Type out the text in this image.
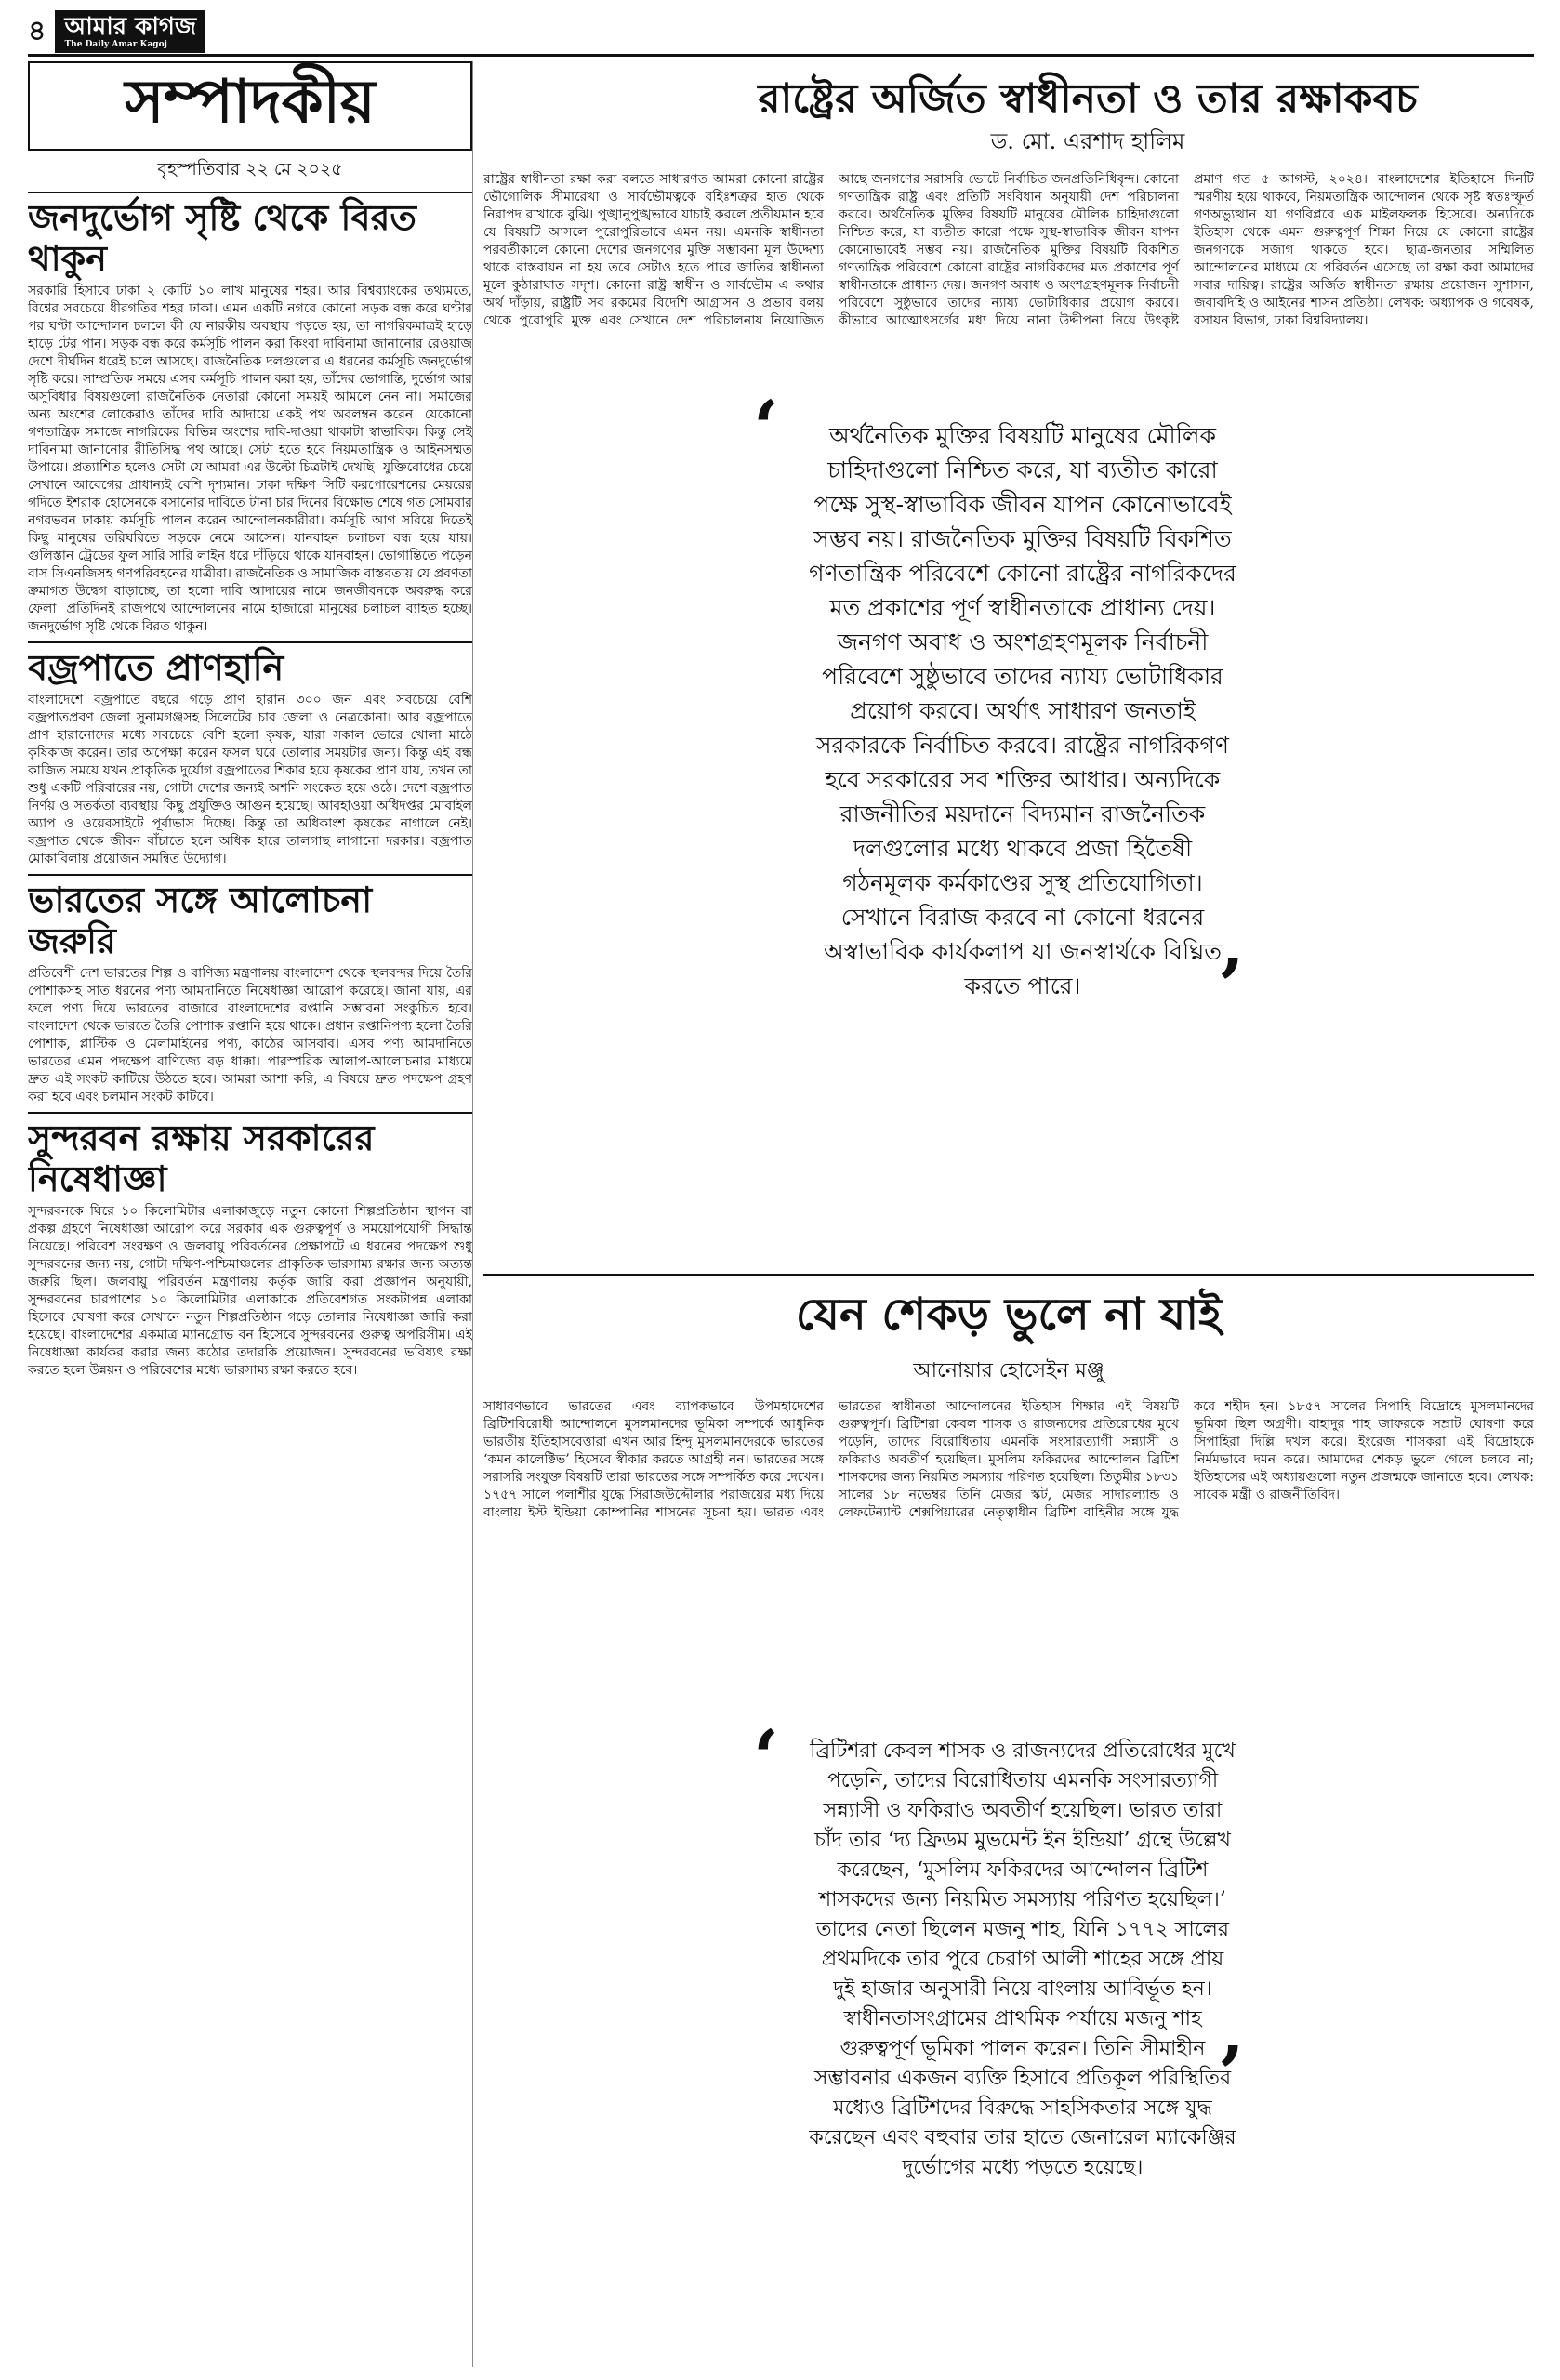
৪ আমার কাগজ
The Daily Amar Kagoj
সম্পাদকীয়
বৃহস্পতিবার ২২ মে ২০২৫
জনদুর্ভোগ সৃষ্টি থেকে বিরত থাকুন

সরকারি হিসাবে ঢাকা ২ কোটি ১০ লাখ মানুষের শহর। আর বিশ্বব্যাংকের তথ্যমতে, বিশ্বের সবচেয়ে ধীরগতির শহর ঢাকা। এমন একটি নগরে কোনো সড়ক বন্ধ করে ঘণ্টার পর ঘণ্টা আন্দোলন চললে কী যে নারকীয় অবস্থায় পড়তে হয়, তা নাগরিকমাত্রই হাড়ে হাড়ে টের পান। সড়ক বন্ধ করে কর্মসূচি পালন করা কিংবা দাবিনামা জানানোর রেওয়াজ দেশে দীর্ঘদিন ধরেই চলে আসছে। রাজনৈতিক দলগুলোর এ ধরনের কর্মসূচি জনদুর্ভোগ সৃষ্টি করে। সাম্প্রতিক সময়ে এসব কর্মসূচি পালন করা হয়, তাঁদের ভোগান্তি, দুর্ভোগ আর অসুবিধার বিষয়গুলো রাজনৈতিক নেতারা কোনো সময়ই আমলে নেন না। সমাজের অন্য অংশের লোকেরাও তাঁদের দাবি আদায়ে একই পথ অবলম্বন করেন। যেকোনো গণতান্ত্রিক সমাজে নাগরিকের বিভিন্ন অংশের দাবি-দাওয়া থাকাটা স্বাভাবিক। কিন্তু সেই দাবিনামা জানানোর রীতিসিদ্ধ পথ আছে। সেটা হতে হবে নিয়মতান্ত্রিক ও আইনসম্মত উপায়ে। প্রত্যাশিত হলেও সেটা যে আমরা এর উল্টো চিত্রটাই দেখছি। যুক্তিবোধের চেয়ে সেখানে আবেগের প্রাধান্যই বেশি দৃশ্যমান। ঢাকা দক্ষিণ সিটি করপোরেশনের মেয়রের গদিতে ইশরাক হোসেনকে বসানোর দাবিতে টানা চার দিনের বিক্ষোভ শেষে গত সোমবার নগরভবন ঢাকায় কর্মসূচি পালন করেন আন্দোলনকারীরা। কর্মসূচি আগ সরিয়ে দিতেই কিছু মানুষের তরিঘরিতে সড়কে নেমে আসেন। যানবাহন চলাচল বন্ধ হয়ে যায়। গুলিস্তান ট্রেডের ফুল সারি সারি লাইন ধরে দাঁড়িয়ে থাকে যানবাহন। ভোগান্তিতে পড়েন বাস সিএনজিসহ গণপরিবহনের যাত্রীরা। রাজনৈতিক ও সামাজিক বাস্তবতায় যে প্রবণতা ক্রমাগত উদ্বেগ বাড়াচ্ছে, তা হলো দাবি আদায়ের নামে জনজীবনকে অবরুদ্ধ করে ফেলা। প্রতিদিনই রাজপথে আন্দোলনের নামে হাজারো মানুষের চলাচল ব্যাহত হচ্ছে। জনদুর্ভোগ সৃষ্টি থেকে বিরত থাকুন।

বজ্রপাতে প্রাণহানি

বাংলাদেশে বজ্রপাতে বছরে গড়ে প্রাণ হারান ৩০০ জন এবং সবচেয়ে বেশি বজ্রপাতপ্রবণ জেলা সুনামগঞ্জসহ সিলেটের চার জেলা ও নেত্রকোনা। আর বজ্রপাতে প্রাণ হারানোদের মধ্যে সবচেয়ে বেশি হলো কৃষক, যারা সকাল ভোরে খোলা মাঠে কৃষিকাজ করেন। তার অপেক্ষা করেন ফসল ঘরে তোলার সময়টার জন্য। কিন্তু এই বন্ধ কাজিত সময়ে যখন প্রাকৃতিক দুর্যোগ বজ্রপাতের শিকার হয়ে কৃষকের প্রাণ যায়, তখন তা শুধু একটি পরিবারের নয়, গোটা দেশের জন্যই অশনি সংকেত হয়ে ওঠে। দেশে বজ্রপাত নির্ণয় ও সতর্কতা ব্যবস্থায় কিছু প্রযুক্তিও আগুন হয়েছে। আবহাওয়া অধিদপ্তর মোবাইল অ্যাপ ও ওয়েবসাইটে পূর্বাভাস দিচ্ছে। কিন্তু তা অধিকাংশ কৃষকের নাগালে নেই। বজ্রপাত থেকে জীবন বাঁচাতে হলে অধিক হারে তালগাছ লাগানো দরকার। বজ্রপাত মোকাবিলায় প্রয়োজন সমন্বিত উদ্যোগ।

ভারতের সঙ্গে আলোচনা জরুরি

প্রতিবেশী দেশ ভারতের শিল্প ও বাণিজ্য মন্ত্রণালয় বাংলাদেশ থেকে স্থলবন্দর দিয়ে তৈরি পোশাকসহ সাত ধরনের পণ্য আমদানিতে নিষেধাজ্ঞা আরোপ করেছে। জানা যায়, এর ফলে পণ্য দিয়ে ভারতের বাজারে বাংলাদেশের রপ্তানি সম্ভাবনা সংকুচিত হবে। বাংলাদেশ থেকে ভারতে তৈরি পোশাক রপ্তানি হয়ে থাকে। প্রধান রপ্তানিপণ্য হলো তৈরি পোশাক, প্লাস্টিক ও মেলামাইনের পণ্য, কাঠের আসবাব। এসব পণ্য আমদানিতে ভারতের এমন পদক্ষেপ বাণিজ্যে বড় ধাক্কা। পারস্পরিক আলাপ-আলোচনার মাধ্যমে দ্রুত এই সংকট কাটিয়ে উঠতে হবে। আমরা আশা করি, এ বিষয়ে দ্রুত পদক্ষেপ গ্রহণ করা হবে এবং চলমান সংকট কাটবে।

সুন্দরবন রক্ষায় সরকারের নিষেধাজ্ঞা

সুন্দরবনকে ঘিরে ১০ কিলোমিটার এলাকাজুড়ে নতুন কোনো শিল্পপ্রতিষ্ঠান স্থাপন বা প্রকল্প গ্রহণে নিষেধাজ্ঞা আরোপ করে সরকার এক গুরুত্বপূর্ণ ও সময়োপযোগী সিদ্ধান্ত নিয়েছে। পরিবেশ সংরক্ষণ ও জলবায়ু পরিবর্তনের প্রেক্ষাপটে এ ধরনের পদক্ষেপ শুধু সুন্দরবনের জন্য নয়, গোটা দক্ষিণ-পশ্চিমাঞ্চলের প্রাকৃতিক ভারসাম্য রক্ষার জন্য অত্যন্ত জরুরি ছিল। জলবায়ু পরিবর্তন মন্ত্রণালয় কর্তৃক জারি করা প্রজ্ঞাপন অনুযায়ী, সুন্দরবনের চারপাশের ১০ কিলোমিটার এলাকাকে প্রতিবেশগত সংকটাপন্ন এলাকা হিসেবে ঘোষণা করে সেখানে নতুন শিল্পপ্রতিষ্ঠান গড়ে তোলার নিষেধাজ্ঞা জারি করা হয়েছে। বাংলাদেশের একমাত্র ম্যানগ্রোভ বন হিসেবে সুন্দরবনের গুরুত্ব অপরিসীম। এই নিষেধাজ্ঞা কার্যকর করার জন্য কঠোর তদারকি প্রয়োজন। সুন্দরবনের ভবিষ্যৎ রক্ষা করতে হলে উন্নয়ন ও পরিবেশের মধ্যে ভারসাম্য রক্ষা করতে হবে।

রাষ্ট্রের অর্জিত স্বাধীনতা ও তার রক্ষাকবচ
ড. মো. এরশাদ হালিম
রাষ্ট্রের স্বাধীনতা রক্ষা করা বলতে সাধারণত আমরা কোনো রাষ্ট্রের ভৌগোলিক সীমারেখা ও সার্বভৌমত্বকে বহিঃশত্রুর হাত থেকে নিরাপদ রাখাকে বুঝি। পুঙ্খানুপুঙ্খভাবে যাচাই করলে প্রতীয়মান হবে যে বিষয়টি আসলে পুরোপুরিভাবে এমন নয়। এমনকি স্বাধীনতা পরবর্তীকালে কোনো দেশের জনগণের মুক্তি সম্ভাবনা মূল উদ্দেশ্য থাকে বাস্তবায়ন না হয় তবে সেটাও হতে পারে জাতির স্বাধীনতা মূলে কুঠারাঘাত সদৃশ। কোনো রাষ্ট্র স্বাধীন ও সার্বভৌম এ কথার অর্থ দাঁড়ায়, রাষ্ট্রটি সব রকমের বিদেশি আগ্রাসন ও প্রভাব বলয় থেকে পুরোপুরি মুক্ত এবং সেখানে দেশ পরিচালনায় নিয়োজিত আছে জনগণের সরাসরি ভোটে নির্বাচিত জনপ্রতিনিধিবৃন্দ। কোনো গণতান্ত্রিক রাষ্ট্র এবং প্রতিটি সংবিধান অনুযায়ী দেশ পরিচালনা করবে। অর্থনৈতিক মুক্তির বিষয়টি মানুষের মৌলিক চাহিদাগুলো নিশ্চিত করে, যা ব্যতীত কারো পক্ষে সুস্থ-স্বাভাবিক জীবন যাপন কোনোভাবেই সম্ভব নয়। রাজনৈতিক মুক্তির বিষয়টি বিকশিত গণতান্ত্রিক পরিবেশে কোনো রাষ্ট্রের নাগরিকদের মত প্রকাশের পূর্ণ স্বাধীনতাকে প্রাধান্য দেয়। জনগণ অবাধ ও অংশগ্রহণমূলক নির্বাচনী পরিবেশে সুষ্ঠুভাবে তাদের ন্যায্য ভোটাধিকার প্রয়োগ করবে। কীভাবে আত্মোৎসর্গের মধ্য দিয়ে নানা উদ্দীপনা নিয়ে উৎকৃষ্ট প্রমাণ গত ৫ আগস্ট, ২০২৪। বাংলাদেশের ইতিহাসে দিনটি স্মরণীয় হয়ে থাকবে, নিয়মতান্ত্রিক আন্দোলন থেকে সৃষ্ট স্বতঃস্ফূর্ত গণঅভ্যুত্থান যা গণবিপ্লবে এক মাইলফলক হিসেবে। অন্যদিকে ইতিহাস থেকে এমন গুরুত্বপূর্ণ শিক্ষা নিয়ে যে কোনো রাষ্ট্রের জনগণকে সজাগ থাকতে হবে। ছাত্র-জনতার সম্মিলিত আন্দোলনের মাধ্যমে যে পরিবর্তন এসেছে তা রক্ষা করা আমাদের সবার দায়িত্ব। রাষ্ট্রের অর্জিত স্বাধীনতা রক্ষায় প্রয়োজন সুশাসন, জবাবদিহি ও আইনের শাসন প্রতিষ্ঠা। লেখক: অধ্যাপক ও গবেষক, রসায়ন বিভাগ, ঢাকা বিশ্ববিদ্যালয়।
অর্থনৈতিক মুক্তির বিষয়টি মানুষের মৌলিক চাহিদাগুলো নিশ্চিত করে, যা ব্যতীত কারো পক্ষে সুস্থ-স্বাভাবিক জীবন যাপন কোনোভাবেই সম্ভব নয়। রাজনৈতিক মুক্তির বিষয়টি বিকশিত গণতান্ত্রিক পরিবেশে কোনো রাষ্ট্রের নাগরিকদের মত প্রকাশের পূর্ণ স্বাধীনতাকে প্রাধান্য দেয়। জনগণ অবাধ ও অংশগ্রহণমূলক নির্বাচনী পরিবেশে সুষ্ঠুভাবে তাদের ন্যায্য ভোটাধিকার প্রয়োগ করবে। অর্থাৎ সাধারণ জনতাই সরকারকে নির্বাচিত করবে। রাষ্ট্রের নাগরিকগণ হবে সরকারের সব শক্তির আধার। অন্যদিকে রাজনীতির ময়দানে বিদ্যমান রাজনৈতিক দলগুলোর মধ্যে থাকবে প্রজা হিতৈষী গঠনমূলক কর্মকাণ্ডের সুস্থ প্রতিযোগিতা। সেখানে বিরাজ করবে না কোনো ধরনের অস্বাভাবিক কার্যকলাপ যা জনস্বার্থকে বিঘ্নিত করতে পারে।
‘
’
যেন শেকড় ভুলে না যাই
আনোয়ার হোসেইন মঞ্জু
সাধারণভাবে ভারতের এবং ব্যাপকভাবে উপমহাদেশের ব্রিটিশবিরোধী আন্দোলনে মুসলমানদের ভূমিকা সম্পর্কে আধুনিক ভারতীয় ইতিহাসবেত্তারা এখন আর হিন্দু মুসলমানদেরকে ভারতের ‘কমন কালেক্টিভ’ হিসেবে স্বীকার করতে আগ্রহী নন। ভারতের সঙ্গে সরাসরি সংযুক্ত বিষয়টি তারা ভারতের সঙ্গে সম্পর্কিত করে দেখেন। ১৭৫৭ সালে পলাশীর যুদ্ধে সিরাজউদ্দৌলার পরাজয়ের মধ্য দিয়ে বাংলায় ইস্ট ইন্ডিয়া কোম্পানির শাসনের সূচনা হয়। ভারত এবং ভারতের স্বাধীনতা আন্দোলনের ইতিহাস শিক্ষার এই বিষয়টি গুরুত্বপূর্ণ। ব্রিটিশরা কেবল শাসক ও রাজন্যদের প্রতিরোধের মুখে পড়েনি, তাদের বিরোধিতায় এমনকি সংসারত্যাগী সন্ন্যাসী ও ফকিরাও অবতীর্ণ হয়েছিল। মুসলিম ফকিরদের আন্দোলন ব্রিটিশ শাসকদের জন্য নিয়মিত সমস্যায় পরিণত হয়েছিল। তিতুমীর ১৮৩১ সালের ১৮ নভেম্বর তিনি মেজর স্কট, মেজর সাদারল্যান্ড ও লেফটেন্যান্ট শেক্সপিয়ারের নেতৃত্বাধীন ব্রিটিশ বাহিনীর সঙ্গে যুদ্ধ করে শহীদ হন। ১৮৫৭ সালের সিপাহি বিদ্রোহে মুসলমানদের ভূমিকা ছিল অগ্রণী। বাহাদুর শাহ জাফরকে সম্রাট ঘোষণা করে সিপাহিরা দিল্লি দখল করে। ইংরেজ শাসকরা এই বিদ্রোহকে নির্মমভাবে দমন করে। আমাদের শেকড় ভুলে গেলে চলবে না; ইতিহাসের এই অধ্যায়গুলো নতুন প্রজন্মকে জানাতে হবে। লেখক: সাবেক মন্ত্রী ও রাজনীতিবিদ।
ব্রিটিশরা কেবল শাসক ও রাজন্যদের প্রতিরোধের মুখে পড়েনি, তাদের বিরোধিতায় এমনকি সংসারত্যাগী সন্ন্যাসী ও ফকিরাও অবতীর্ণ হয়েছিল। ভারত তারা চাঁদ তার ‘দ্য ফ্রিডম মুভমেন্ট ইন ইন্ডিয়া’ গ্রন্থে উল্লেখ করেছেন, ‘মুসলিম ফকিরদের আন্দোলন ব্রিটিশ শাসকদের জন্য নিয়মিত সমস্যায় পরিণত হয়েছিল।’ তাদের নেতা ছিলেন মজনু শাহ, যিনি ১৭৭২ সালের প্রথমদিকে তার পুরে চেরাগ আলী শাহের সঙ্গে প্রায় দুই হাজার অনুসারী নিয়ে বাংলায় আবির্ভূত হন। স্বাধীনতাসংগ্রামের প্রাথমিক পর্যায়ে মজনু শাহ গুরুত্বপূর্ণ ভূমিকা পালন করেন। তিনি সীমাহীন সম্ভাবনার একজন ব্যক্তি হিসাবে প্রতিকূল পরিস্থিতির মধ্যেও ব্রিটিশদের বিরুদ্ধে সাহসিকতার সঙ্গে যুদ্ধ করেছেন এবং বহুবার তার হাতে জেনারেল ম্যাকেঞ্জির দুর্ভোগের মধ্যে পড়তে হয়েছে।
‘
’
